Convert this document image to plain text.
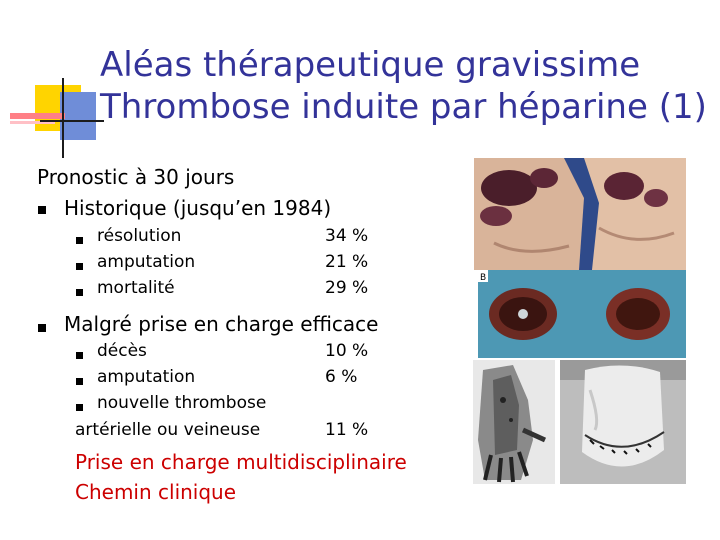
Aléas thérapeutique gravissime
Thrombose induite par héparine (1)
Pronostic à 30 jours
Historique (jusqu’en 1984)
résolution	34 %
amputation	21 %
mortalité	29 %
Malgré prise en charge efficace
décès	10 %
amputation	6 %
nouvelle thrombose
artérielle ou veineuse	11 %
Prise en charge multidisciplinaire
Chemin clinique
B
